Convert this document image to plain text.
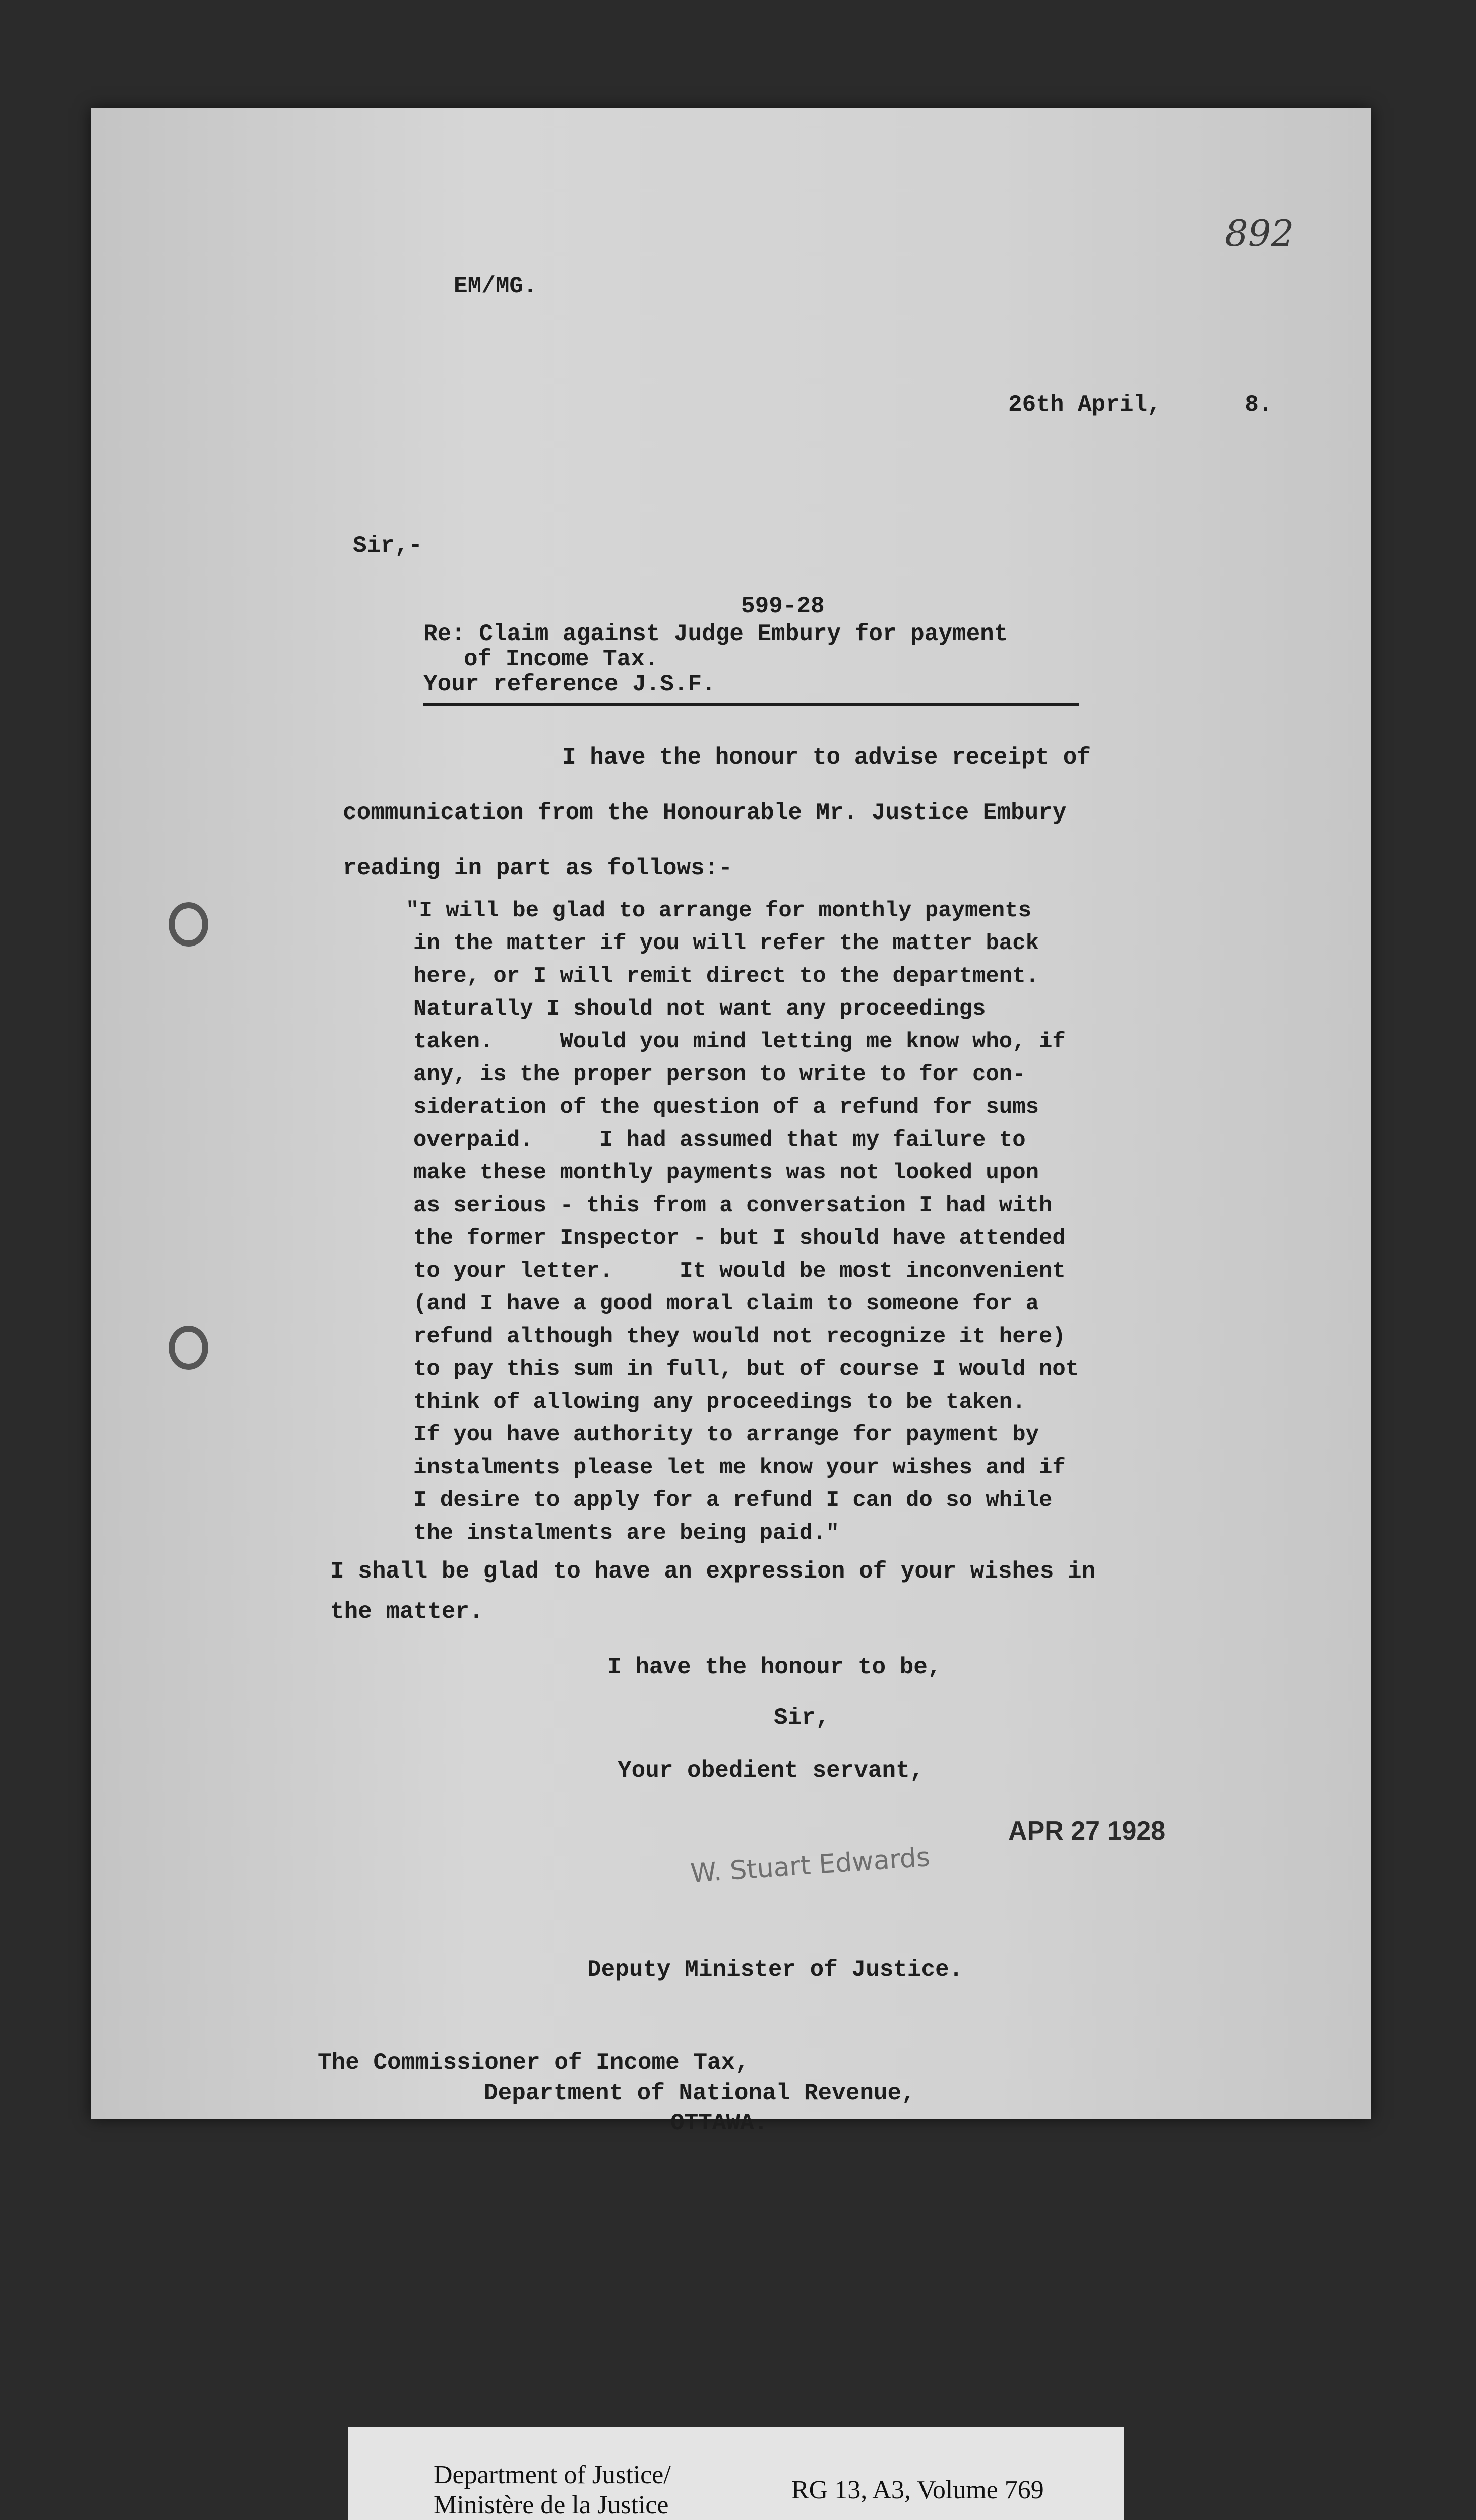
892
EM/MG.
26th April,      8.
Sir,-
599-28
Re: Claim against Judge Embury for payment
of Income Tax.
Your reference J.S.F.
I have the honour to advise receipt of
communication from the Honourable Mr. Justice Embury
reading in part as follows:-
"I will be glad to arrange for monthly payments
in the matter if you will refer the matter back
here, or I will remit direct to the department.
Naturally I should not want any proceedings
taken.     Would you mind letting me know who, if
any, is the proper person to write to for con-
sideration of the question of a refund for sums
overpaid.     I had assumed that my failure to
make these monthly payments was not looked upon
as serious - this from a conversation I had with
the former Inspector - but I should have attended
to your letter.     It would be most inconvenient
(and I have a good moral claim to someone for a
refund although they would not recognize it here)
to pay this sum in full, but of course I would not
think of allowing any proceedings to be taken.
If you have authority to arrange for payment by
instalments please let me know your wishes and if
I desire to apply for a refund I can do so while
the instalments are being paid."
I shall be glad to have an expression of your wishes in
the matter.
I have the honour to be,
Sir,
Your obedient servant,
APR 27 1928
W. Stuart Edwards
Deputy Minister of Justice.
The Commissioner of Income Tax,
Department of National Revenue,
OTTAWA.
Department of Justice/
Ministère de la Justice
RG 13, A3, Volume 769
